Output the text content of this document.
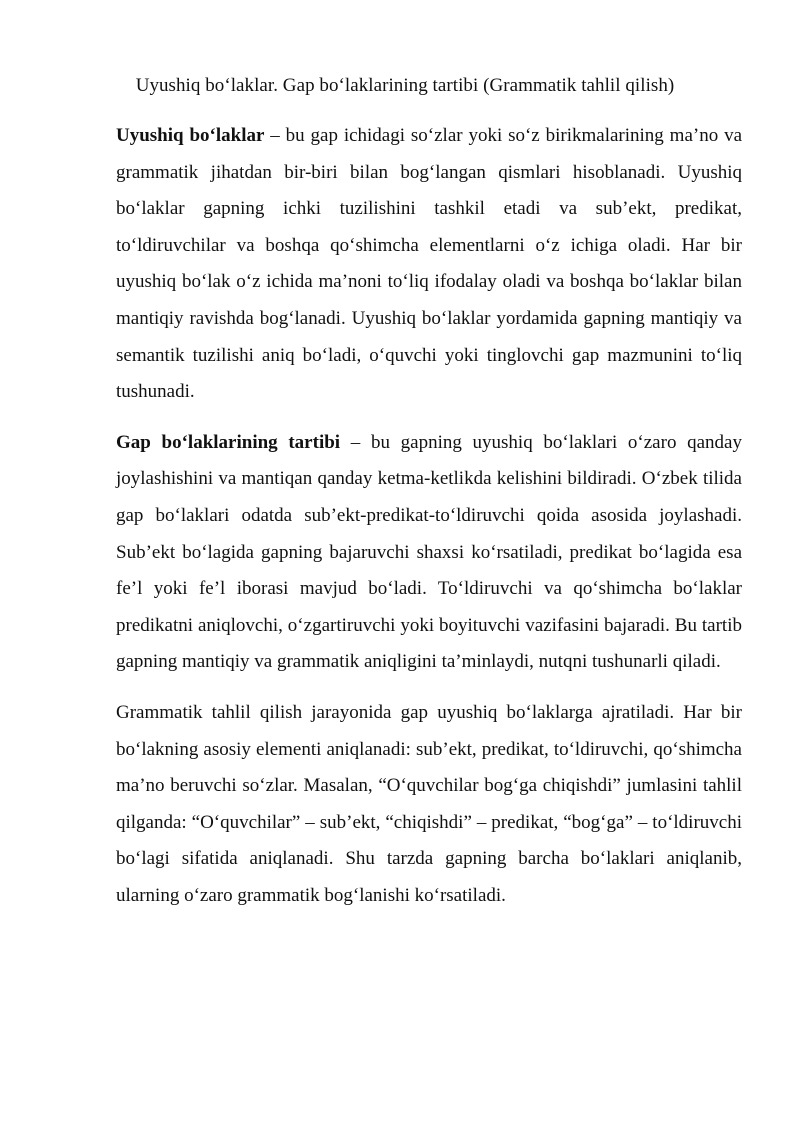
Uyushiq bo‘laklar. Gap bo‘laklarining tartibi (Grammatik tahlil qilish)

Uyushiq bo‘laklar – bu gap ichidagi so‘zlar yoki so‘z birikmalarining ma’no va grammatik jihatdan bir-biri bilan bog‘langan qismlari hisoblanadi. Uyushiq bo‘laklar gapning ichki tuzilishini tashkil etadi va sub’ekt, predikat, to‘ldiruvchilar va boshqa qo‘shimcha elementlarni o‘z ichiga oladi. Har bir uyushiq bo‘lak o‘z ichida ma’noni to‘liq ifodalay oladi va boshqa bo‘laklar bilan mantiqiy ravishda bog‘lanadi. Uyushiq bo‘laklar yordamida gapning mantiqiy va semantik tuzilishi aniq bo‘ladi, o‘quvchi yoki tinglovchi gap mazmunini to‘liq tushunadi.

Gap bo‘laklarining tartibi – bu gapning uyushiq bo‘laklari o‘zaro qanday joylashishini va mantiqan qanday ketma-ketlikda kelishini bildiradi. O‘zbek tilida gap bo‘laklari odatda sub’ekt-predikat-to‘ldiruvchi qoida asosida joylashadi. Sub’ekt bo‘lagida gapning bajaruvchi shaxsi ko‘rsatiladi, predikat bo‘lagida esa fe’l yoki fe’l iborasi mavjud bo‘ladi. To‘ldiruvchi va qo‘shimcha bo‘laklar predikatni aniqlovchi, o‘zgartiruvchi yoki boyituvchi vazifasini bajaradi. Bu tartib gapning mantiqiy va grammatik aniqligini ta’minlaydi, nutqni tushunarli qiladi.

Grammatik tahlil qilish jarayonida gap uyushiq bo‘laklarga ajratiladi. Har bir bo‘lakning asosiy elementi aniqlanadi: sub’ekt, predikat, to‘ldiruvchi, qo‘shimcha ma’no beruvchi so‘zlar. Masalan, “O‘quvchilar bog‘ga chiqishdi” jumlasini tahlil qilganda: “O‘quvchilar” – sub’ekt, “chiqishdi” – predikat, “bog‘ga” – to‘ldiruvchi bo‘lagi sifatida aniqlanadi. Shu tarzda gapning barcha bo‘laklari aniqlanib, ularning o‘zaro grammatik bog‘lanishi ko‘rsatiladi.
